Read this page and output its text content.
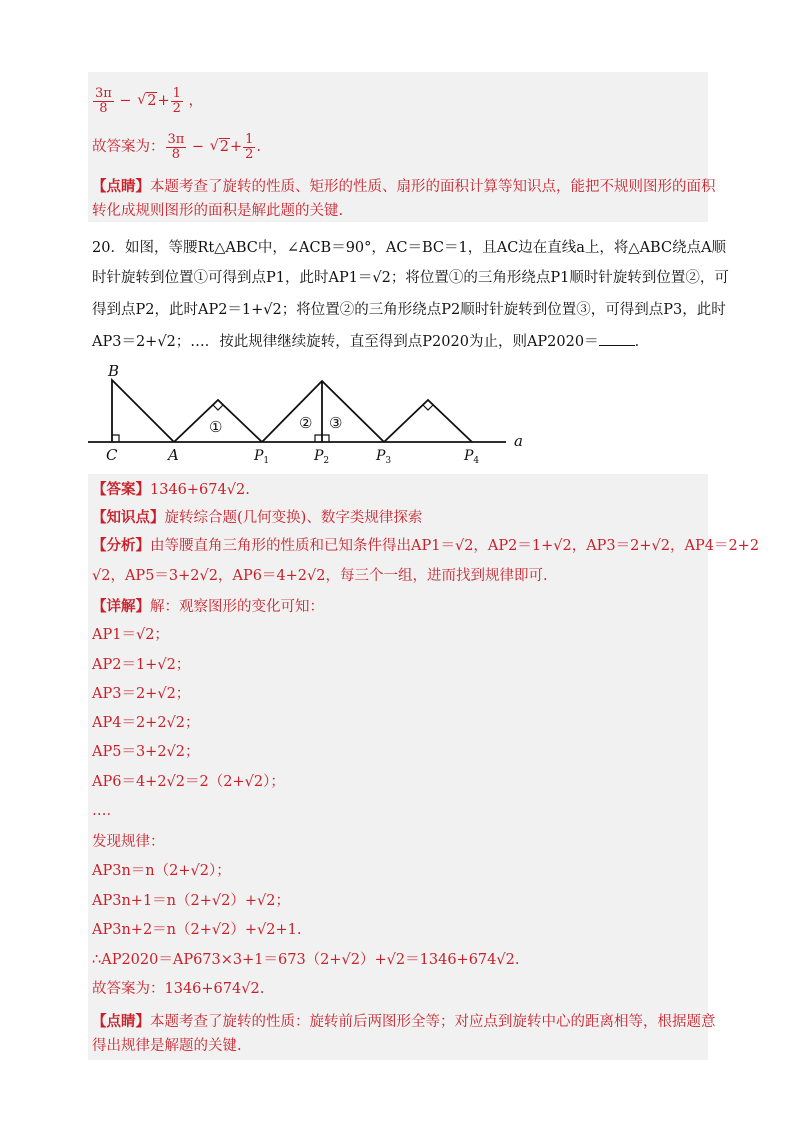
$\frac{3\pi}{8}$ − √ $2+ \frac{1}{2}$ ，
故答案为： $\frac{3\pi}{8}$ − √ $2+ \frac{1}{2}$ .
【点睛】本题考查了旋转的性质、矩形的性质、扇形的面积计算等知识点，能把不规则图形的面积
转化成规则图形的面积是解此题的关键.
20．如图，等腰Rt△ABC中，∠ACB＝90°，AC＝BC＝1，且AC边在直线a上，将△ABC绕点A顺
时针旋转到位置①可得到点P1，此时AP1＝√2；将位置①的三角形绕点P1顺时针旋转到位置②，可
得到点P2，此时AP2＝1+√2；将位置②的三角形绕点P2顺时针旋转到位置③，可得到点P3，此时
AP3＝2+√2；…．按此规律继续旋转，直至得到点P2020为止，则AP2020＝ ．
B
C	A
a
$P_1$	$P_2$	$P_3$	$P_4$
①	② ③
【答案】1346+674√2.
【知识点】旋转综合题(几何变换)、数字类规律探索
【分析】由等腰直角三角形的性质和已知条件得出AP1＝√2，AP2＝1+√2，AP3＝2+√2，AP4＝2+2
√2，AP5＝3+2√2，AP6＝4+2√2，每三个一组，进而找到规律即可.
【详解】解：观察图形的变化可知：
AP1＝√2；
AP2＝1+√2；
AP3＝2+√2；
AP4＝2+2√2；
AP5＝3+2√2；
AP6＝4+2√2＝2（2+√2）；
…．
发现规律：
AP3n＝n（2+√2）；
AP3n+1＝n（2+√2）+√2；
AP3n+2＝n（2+√2）+√2+1.
∴AP2020＝AP673×3+1＝673（2+√2）+√2＝1346+674√2.
故答案为：1346+674√2.
【点睛】本题考查了旋转的性质：旋转前后两图形全等；对应点到旋转中心的距离相等，根据题意
得出规律是解题的关键.
